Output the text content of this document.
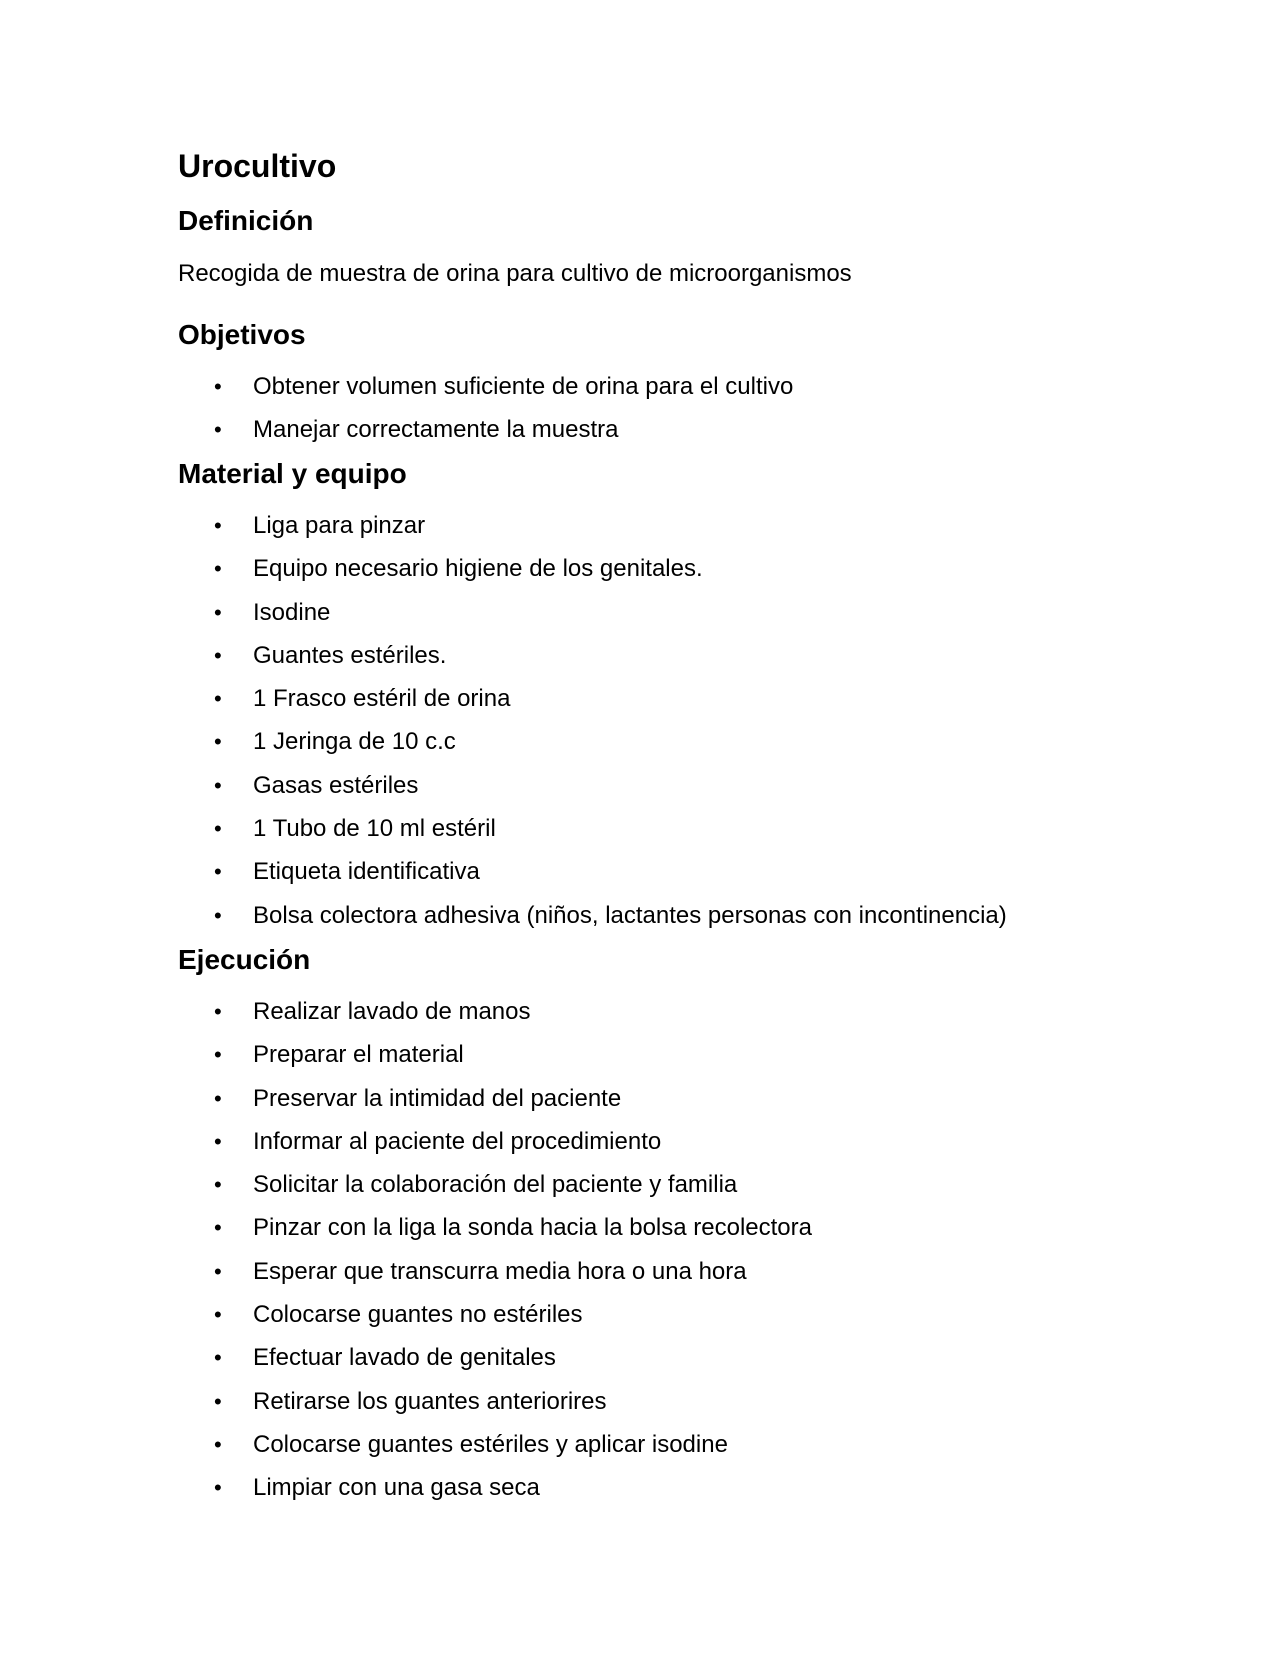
Urocultivo
Definición

Recogida de muestra de orina para cultivo de microorganismos

Objetivos
• Obtener volumen suficiente de orina para el cultivo
• Manejar correctamente la muestra
Material y equipo
• Liga para pinzar
• Equipo necesario higiene de los genitales.
• Isodine
• Guantes estériles.
• 1 Frasco estéril de orina
• 1 Jeringa de 10 c.c
• Gasas estériles
• 1 Tubo de 10 ml estéril
• Etiqueta identificativa
• Bolsa colectora adhesiva (niños, lactantes personas con incontinencia)
Ejecución
• Realizar lavado de manos
• Preparar el material
• Preservar la intimidad del paciente
• Informar al paciente del procedimiento
• Solicitar la colaboración del paciente y familia
• Pinzar con la liga la sonda hacia la bolsa recolectora
• Esperar que transcurra media hora o una hora
• Colocarse guantes no estériles
• Efectuar lavado de genitales
• Retirarse los guantes anteriorires
• Colocarse guantes estériles y aplicar isodine
• Limpiar con una gasa seca
